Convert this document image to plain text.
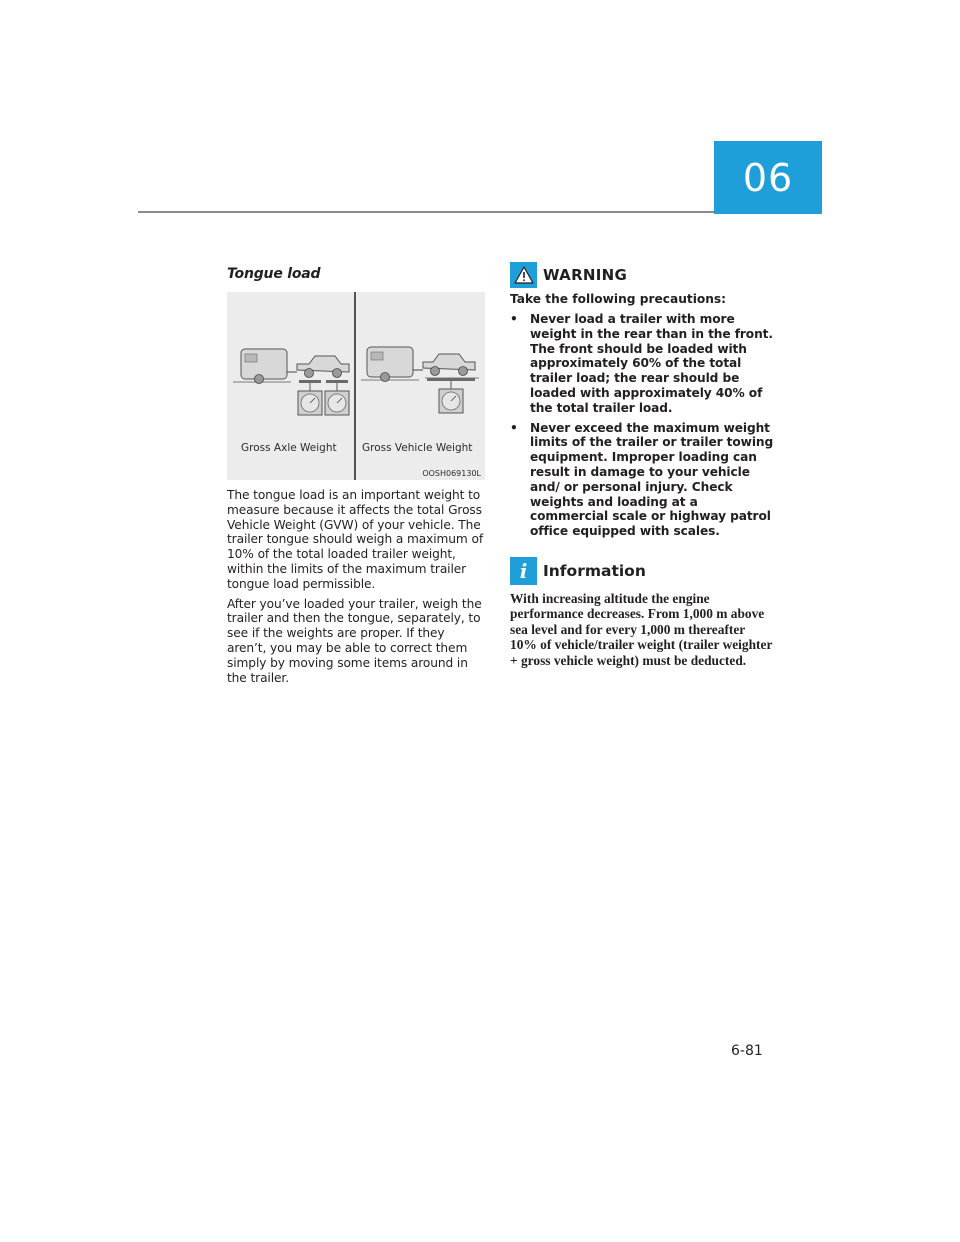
06
Tongue load
Gross Axle Weight Gross Vehicle Weight
OOSH069130L

The tongue load is an important weight to measure because it affects the total Gross Vehicle Weight (GVW) of your vehicle. The trailer tongue should weigh a maximum of 10% of the total loaded trailer weight, within the limits of the maximum trailer tongue load permissible.

After you’ve loaded your trailer, weigh the trailer and then the tongue, separately, to see if the weights are proper. If they aren’t, you may be able to correct them simply by moving some items around in the trailer.

WARNING
Take the following precautions:
• Never load a trailer with more weight in the rear than in the front. The front should be loaded with approximately 60% of the total trailer load; the rear should be loaded with approximately 40% of the total trailer load.
• Never exceed the maximum weight limits of the trailer or trailer towing equipment. Improper loading can result in damage to your vehicle and/ or personal injury. Check weights and loading at a commercial scale or highway patrol office equipped with scales.
i	Information

With increasing altitude the engine performance decreases. From 1,000 m above sea level and for every 1,000 m thereafter 10% of vehicle/trailer weight (trailer weighter + gross vehicle weight) must be deducted.

6-81
